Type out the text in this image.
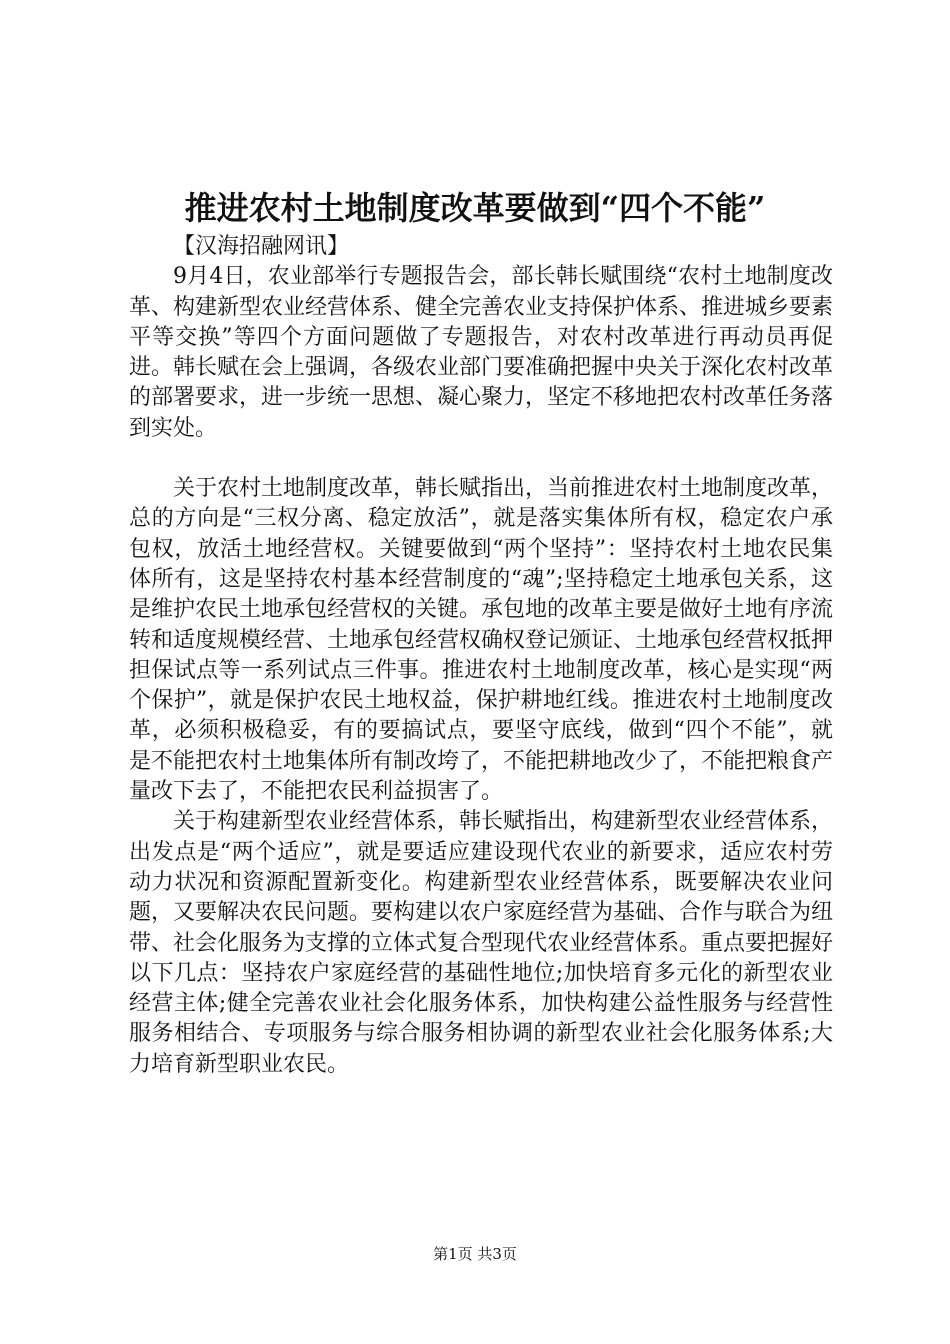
推进农村土地制度改革要做到“四个不能”

【汉海招融网讯】

9月4日，农业部举行专题报告会，部长韩长赋围绕“农村土地制度改革、构建新型农业经营体系、健全完善农业支持保护体系、推进城乡要素平等交换”等四个方面问题做了专题报告，对农村改革进行再动员再促进。韩长赋在会上强调，各级农业部门要准确把握中央关于深化农村改革的部署要求，进一步统一思想、凝心聚力，坚定不移地把农村改革任务落到实处。

关于农村土地制度改革，韩长赋指出，当前推进农村土地制度改革，总的方向是“三权分离、稳定放活”，就是落实集体所有权，稳定农户承包权，放活土地经营权。关键要做到“两个坚持”：坚持农村土地农民集体所有，这是坚持农村基本经营制度的“魂”;坚持稳定土地承包关系，这是维护农民土地承包经营权的关键。承包地的改革主要是做好土地有序流转和适度规模经营、土地承包经营权确权登记颁证、土地承包经营权抵押担保试点等一系列试点三件事。推进农村土地制度改革，核心是实现“两个保护”，就是保护农民土地权益，保护耕地红线。推进农村土地制度改革，必须积极稳妥，有的要搞试点，要坚守底线，做到“四个不能”，就是不能把农村土地集体所有制改垮了，不能把耕地改少了，不能把粮食产量改下去了，不能把农民利益损害了。

关于构建新型农业经营体系，韩长赋指出，构建新型农业经营体系，出发点是“两个适应”，就是要适应建设现代农业的新要求，适应农村劳动力状况和资源配置新变化。构建新型农业经营体系，既要解决农业问题，又要解决农民问题。要构建以农户家庭经营为基础、合作与联合为纽带、社会化服务为支撑的立体式复合型现代农业经营体系。重点要把握好以下几点：坚持农户家庭经营的基础性地位;加快培育多元化的新型农业经营主体;健全完善农业社会化服务体系，加快构建公益性服务与经营性服务相结合、专项服务与综合服务相协调的新型农业社会化服务体系;大力培育新型职业农民。

第1页 共3页
